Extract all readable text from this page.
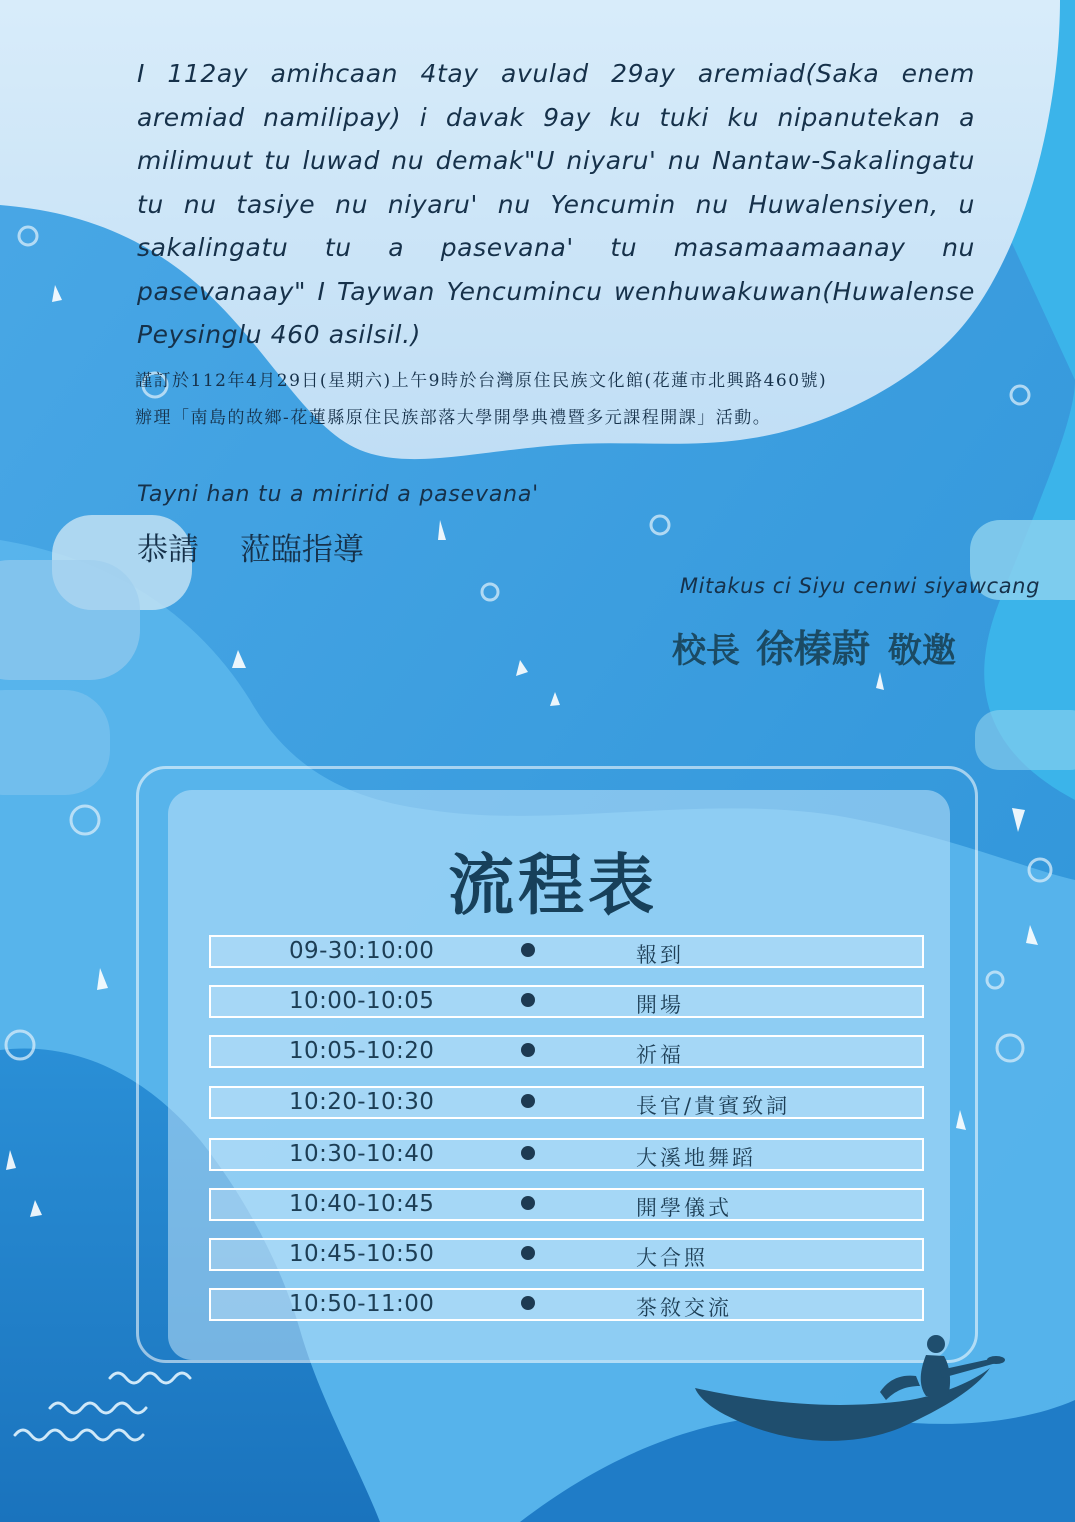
I 112ay amihcaan 4tay avulad 29ay aremiad(Saka enem aremiad namilipay) i davak 9ay ku tuki ku nipanutekan a milimuut tu luwad nu demak"U niyaru' nu Nantaw-Sakalingatu tu nu tasiye nu niyaru' nu Yencumin nu Huwalensiyen, u sakalingatu tu a pasevana' tu masamaamaanay nu pasevanaay" I Taywan Yencumincu wenhuwakuwan(Huwalense Peysinglu 460 asilsil.)

謹訂於112年4月29日(星期六)上午9時於台灣原住民族文化館(花蓮市北興路460號)

辦理「南島的故鄉-花蓮縣原住民族部落大學開學典禮暨多元課程開課」活動。

Tayni han tu a miririd a pasevana'

恭請　 蒞臨指導

Mitakus ci Siyu cenwi siyawcang

校長 徐榛蔚 敬邀

流程表

09-30:10:00	報到
10:00-10:05	開場
10:05-10:20	祈福
10:20-10:30	長官/貴賓致詞
10:30-10:40	大溪地舞蹈
10:40-10:45	開學儀式
10:45-10:50	大合照
10:50-11:00	茶敘交流
